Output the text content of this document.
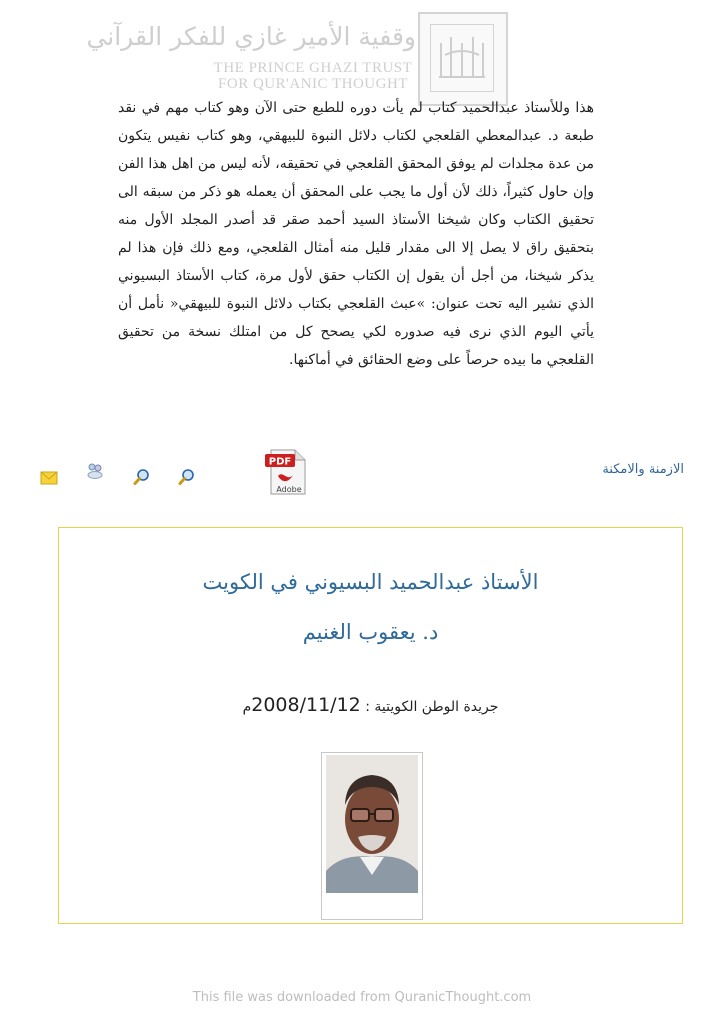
وقفية الأمير غازي للفكر القرآني
THE PRINCE GHAZI TRUST
FOR QUR'ANIC THOUGHT

هذا وللأستاذ عبدالحميد كتاب لم يأت دوره للطبع حتى الآن وهو كتاب مهم في نقد طبعة د. عبدالمعطي القلعجي لكتاب دلائل النبوة للبيهقي، وهو كتاب نفيس يتكون من عدة مجلدات لم يوفق المحقق القلعجي في تحقيقه، لأنه ليس من اهل هذا الفن وإن حاول كثيراً، ذلك لأن أول ما يجب على المحقق أن يعمله هو ذكر من سبقه الى تحقيق الكتاب وكان شيخنا الأستاذ السيد أحمد صقر قد أصدر المجلد الأول منه بتحقيق راق لا يصل إلا الى مقدار قليل منه أمثال القلعجي، ومع ذلك فإن هذا لم يذكر شيخنا، من أجل أن يقول إن الكتاب حقق لأول مرة، كتاب الأستاذ البسيوني الذي نشير اليه تحت عنوان: »عبث القلعجي بكتاب دلائل النبوة للبيهقي« نأمل أن يأتي اليوم الذي نرى فيه صدوره لكي يصحح كل من امتلك نسخة من تحقيق القلعجي ما بيده حرصاً على وضع الحقائق في أماكنها.

الازمنة والامكنة
PDF
Adobe
الأستاذ عبدالحميد البسيوني في الكويت
د. يعقوب الغنيم
جريدة الوطن الكويتية : 2008/11/12م
This file was downloaded from QuranicThought.com
